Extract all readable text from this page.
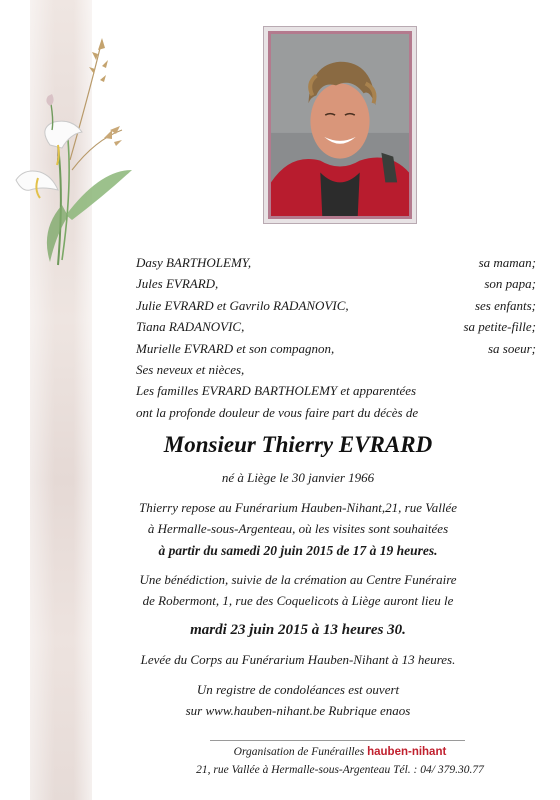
Dasy BARTHOLEMY,	sa maman;
Jules EVRARD,	son papa;
Julie EVRARD et Gavrilo RADANOVIC,	ses enfants;
Tiana RADANOVIC,	sa petite-fille;
Murielle EVRARD et son compagnon,	sa soeur;
Ses neveux et nièces,
Les familles EVRARD BARTHOLEMY et apparentées
ont la profonde douleur de vous faire part du décès de
Monsieur Thierry EVRARD
né à Liège le 30 janvier 1966
Thierry repose au Funérarium Hauben-Nihant,21, rue Vallée
à Hermalle-sous-Argenteau, où les visites sont souhaitées
à partir du samedi 20 juin 2015 de 17 à 19 heures.
Une bénédiction, suivie de la crémation au Centre Funéraire
de Robermont, 1, rue des Coquelicots à Liège auront lieu le
mardi 23 juin 2015 à 13 heures 30.
Levée du Corps au Funérarium Hauben-Nihant à 13 heures.
Un registre de condoléances est ouvert
sur www.hauben-nihant.be Rubrique enaos
Organisation de Funérailles hauben-nihant
21, rue Vallée à Hermalle-sous-Argenteau Tél. : 04/ 379.30.77
